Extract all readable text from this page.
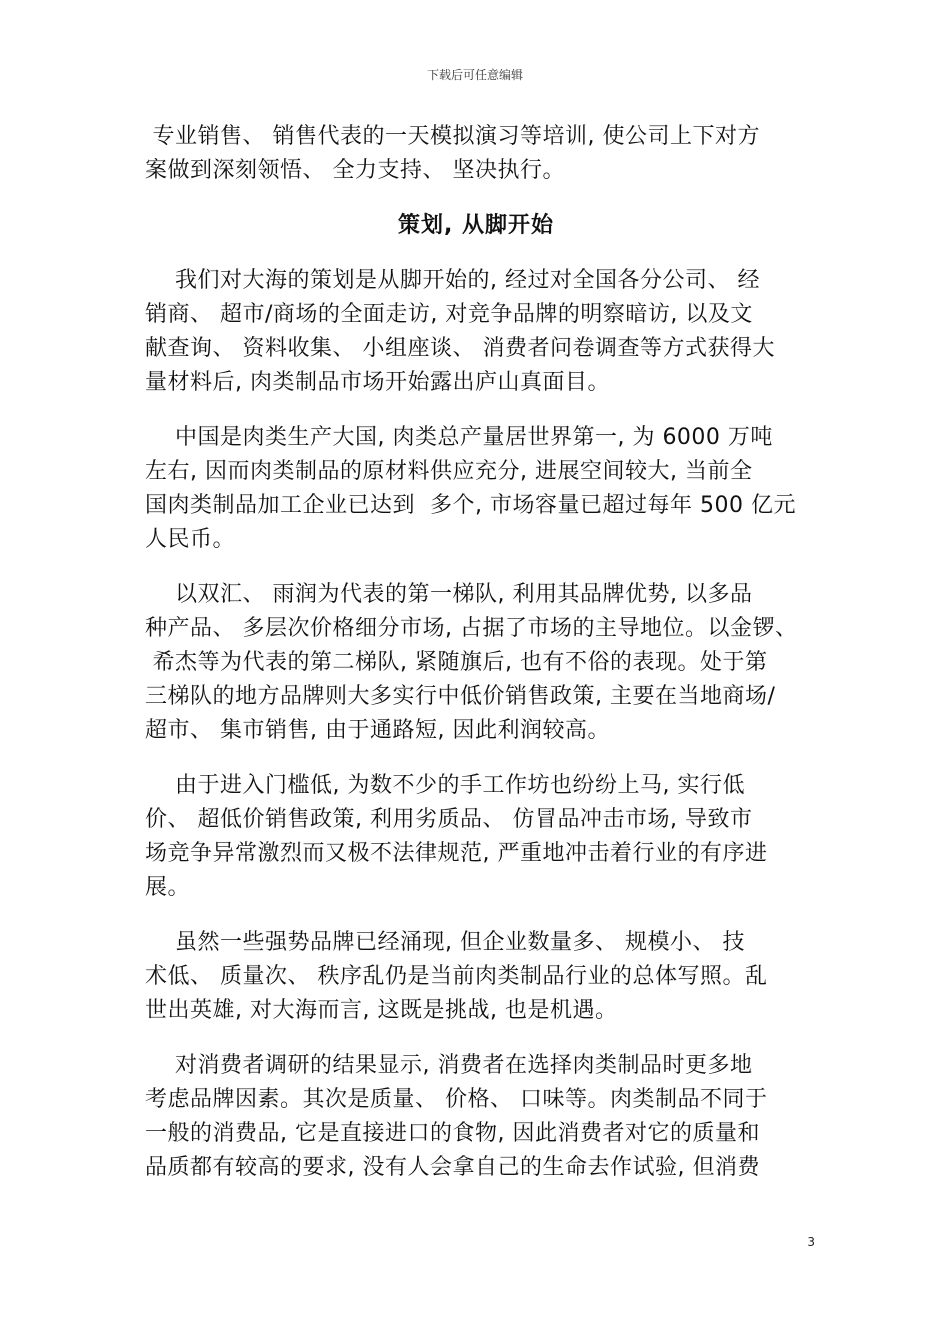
下载后可任意编辑
专业销售、 销售代表的一天模拟演习等培训, 使公司上下对方
案做到深刻领悟、 全力支持、 坚决执行。
策划, 从脚开始
我们对大海的策划是从脚开始的, 经过对全国各分公司、 经
销商、 超市/商场的全面走访, 对竞争品牌的明察暗访, 以及文
献查询、 资料收集、 小组座谈、 消费者问卷调查等方式获得大
量材料后, 肉类制品市场开始露出庐山真面目。
中国是肉类生产大国, 肉类总产量居世界第一, 为 6000 万吨
左右, 因而肉类制品的原材料供应充分, 进展空间较大, 当前全
国肉类制品加工企业已达到  多个, 市场容量已超过每年 500 亿元
人民币。
以双汇、 雨润为代表的第一梯队, 利用其品牌优势, 以多品
种产品、 多层次价格细分市场, 占据了市场的主导地位。以金锣、
希杰等为代表的第二梯队, 紧随旗后, 也有不俗的表现。处于第
三梯队的地方品牌则大多实行中低价销售政策, 主要在当地商场/
超市、 集市销售, 由于通路短, 因此利润较高。
由于进入门槛低, 为数不少的手工作坊也纷纷上马, 实行低
价、 超低价销售政策, 利用劣质品、 仿冒品冲击市场, 导致市
场竞争异常激烈而又极不法律规范, 严重地冲击着行业的有序进
展。
虽然一些强势品牌已经涌现, 但企业数量多、 规模小、 技
术低、 质量次、 秩序乱仍是当前肉类制品行业的总体写照。乱
世出英雄, 对大海而言, 这既是挑战, 也是机遇。
对消费者调研的结果显示, 消费者在选择肉类制品时更多地
考虑品牌因素。其次是质量、 价格、 口味等。肉类制品不同于
一般的消费品, 它是直接进口的食物, 因此消费者对它的质量和
品质都有较高的要求, 没有人会拿自己的生命去作试验, 但消费
3
